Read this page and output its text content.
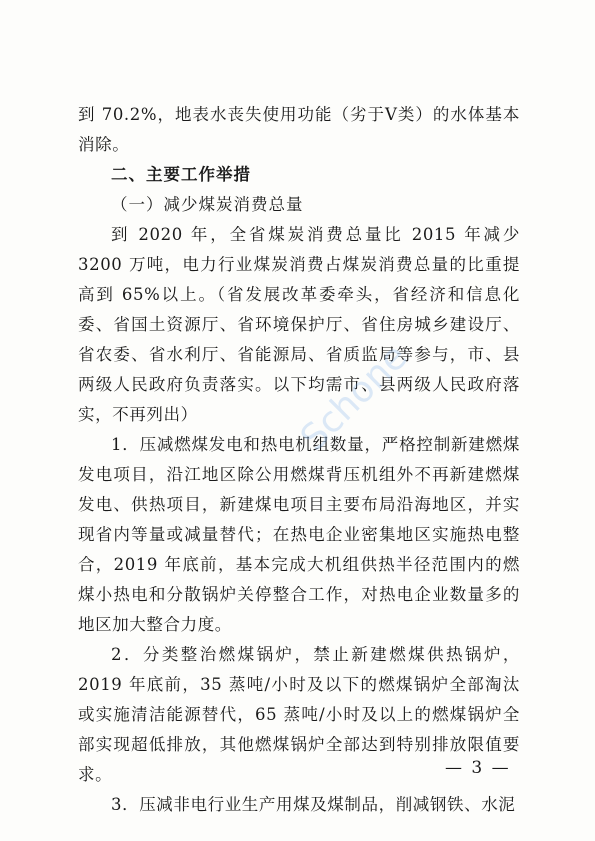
到 70.2%，地表水丧失使用功能（劣于Ⅴ类）的水体基本消除。

二、主要工作举措

（一）减少煤炭消费总量

到 2020 年，全省煤炭消费总量比 2015 年减少 3200 万吨，电力行业煤炭消费占煤炭消费总量的比重提高到 65%以上。（省发展改革委牵头，省经济和信息化委、省国土资源厅、省环境保护厅、省住房城乡建设厅、省农委、省水利厅、省能源局、省质监局等参与，市、县两级人民政府负责落实。以下均需市、县两级人民政府落实，不再列出）

1．压减燃煤发电和热电机组数量，严格控制新建燃煤发电项目，沿江地区除公用燃煤背压机组外不再新建燃煤发电、供热项目，新建煤电项目主要布局沿海地区，并实现省内等量或减量替代；在热电企业密集地区实施热电整合，2019 年底前，基本完成大机组供热半径范围内的燃煤小热电和分散锅炉关停整合工作，对热电企业数量多的地区加大整合力度。

2．分类整治燃煤锅炉，禁止新建燃煤供热锅炉，2019 年底前，35 蒸吨/小时及以下的燃煤锅炉全部淘汰或实施清洁能源替代，65 蒸吨/小时及以上的燃煤锅炉全部实现超低排放，其他燃煤锅炉全部达到特别排放限值要求。

3．压减非电行业生产用煤及煤制品，削减钢铁、水泥

Schone
— 3 —
